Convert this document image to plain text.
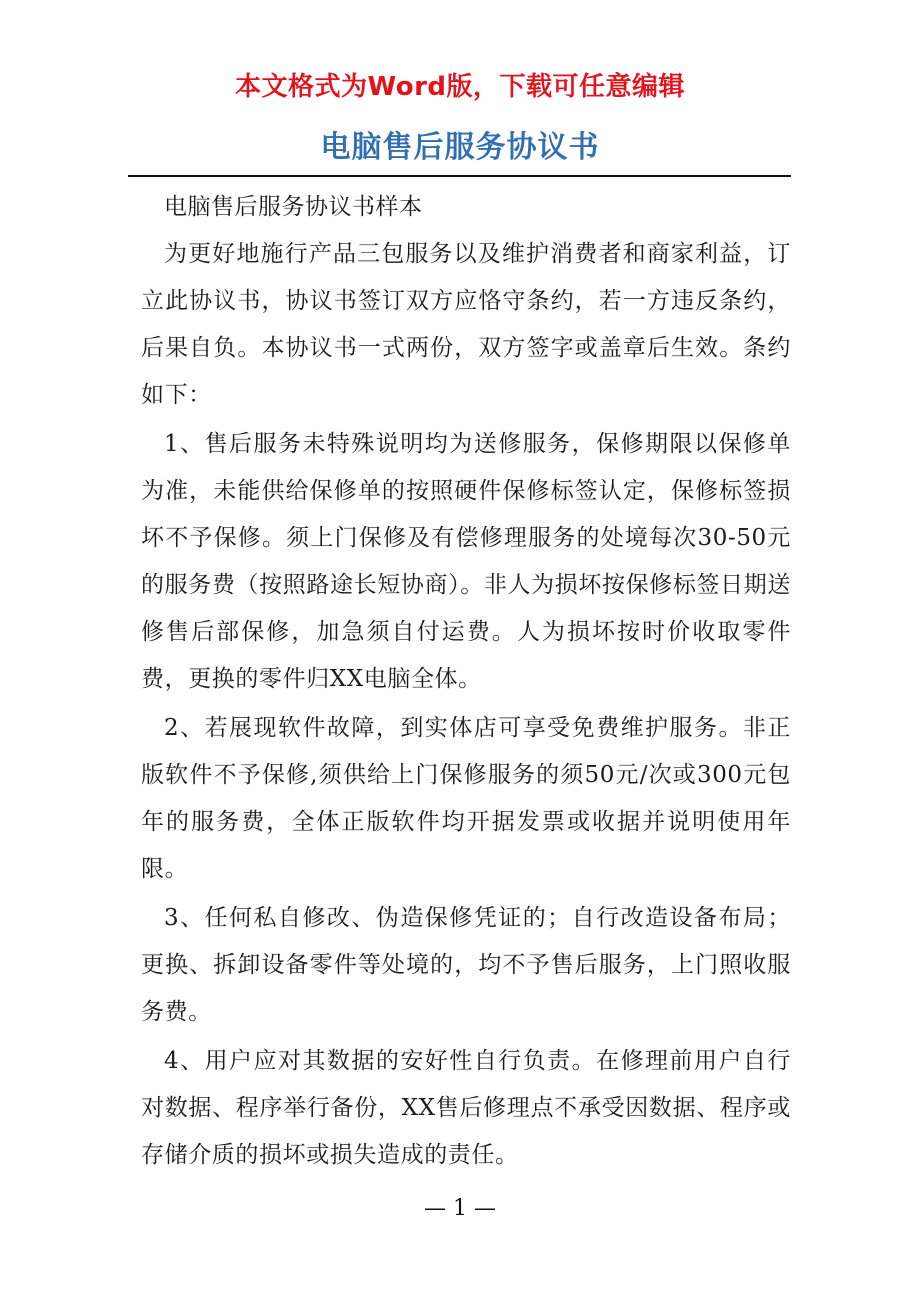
本文格式为Word版，下载可任意编辑
电脑售后服务协议书

电脑售后服务协议书样本

为更好地施行产品三包服务以及维护消费者和商家利益，订立此协议书，协议书签订双方应恪守条约，若一方违反条约，后果自负。本协议书一式两份，双方签字或盖章后生效。条约如下：

1、售后服务未特殊说明均为送修服务，保修期限以保修单为准，未能供给保修单的按照硬件保修标签认定，保修标签损坏不予保修。须上门保修及有偿修理服务的处境每次30-50元的服务费（按照路途长短协商）。非人为损坏按保修标签日期送修售后部保修，加急须自付运费。人为损坏按时价收取零件费，更换的零件归XX电脑全体。

2、若展现软件故障，到实体店可享受免费维护服务。非正版软件不予保修,须供给上门保修服务的须50元/次或300元包年的服务费，全体正版软件均开据发票或收据并说明使用年限。

3、任何私自修改、伪造保修凭证的；自行改造设备布局；更换、拆卸设备零件等处境的，均不予售后服务，上门照收服务费。

4、用户应对其数据的安好性自行负责。在修理前用户自行对数据、程序举行备份，XX售后修理点不承受因数据、程序或存储介质的损坏或损失造成的责任。

— 1 —
